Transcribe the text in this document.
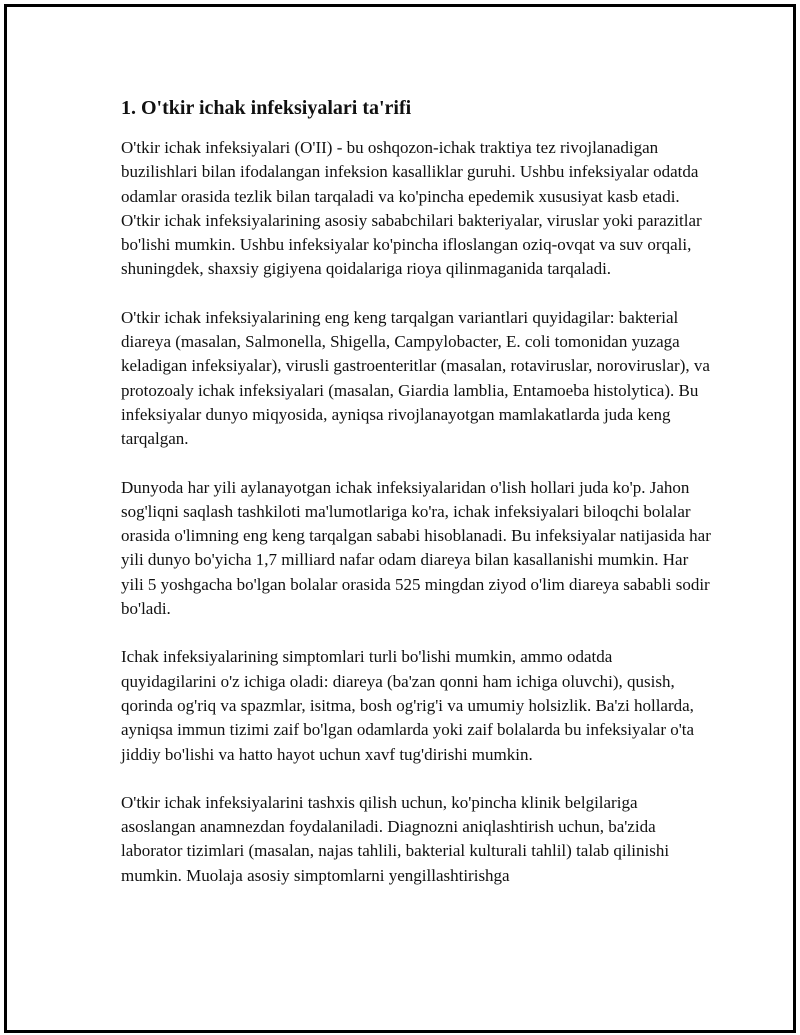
1. O'tkir ichak infeksiyalari ta'rifi

O'tkir ichak infeksiyalari (O'II) - bu oshqozon-ichak traktiya tez rivojlanadigan buzilishlari bilan ifodalangan infeksion kasalliklar guruhi. Ushbu infeksiyalar odatda odamlar orasida tezlik bilan tarqaladi va ko'pincha epedemik xususiyat kasb etadi. O'tkir ichak infeksiyalarining asosiy sababchilari bakteriyalar, viruslar yoki parazitlar bo'lishi mumkin. Ushbu infeksiyalar ko'pincha ifloslangan oziq-ovqat va suv orqali, shuningdek, shaxsiy gigiyena qoidalariga rioya qilinmaganida tarqaladi.

O'tkir ichak infeksiyalarining eng keng tarqalgan variantlari quyidagilar: bakterial diareya (masalan, Salmonella, Shigella, Campylobacter, E. coli tomonidan yuzaga keladigan infeksiyalar), virusli gastroenteritlar (masalan, rotaviruslar, noroviruslar), va protozoaly ichak infeksiyalari (masalan, Giardia lamblia, Entamoeba histolytica). Bu infeksiyalar dunyo miqyosida, ayniqsa rivojlanayotgan mamlakatlarda juda keng tarqalgan.

Dunyoda har yili aylanayotgan ichak infeksiyalaridan o'lish hollari juda ko'p. Jahon sog'liqni saqlash tashkiloti ma'lumotlariga ko'ra, ichak infeksiyalari biloqchi bolalar orasida o'limning eng keng tarqalgan sababi hisoblanadi. Bu infeksiyalar natijasida har yili dunyo bo'yicha 1,7 milliard nafar odam diareya bilan kasallanishi mumkin. Har yili 5 yoshgacha bo'lgan bolalar orasida 525 mingdan ziyod o'lim diareya sababli sodir bo'ladi.

Ichak infeksiyalarining simptomlari turli bo'lishi mumkin, ammo odatda quyidagilarini o'z ichiga oladi: diareya (ba'zan qonni ham ichiga oluvchi), qusish, qorinda og'riq va spazmlar, isitma, bosh og'rig'i va umumiy holsizlik. Ba'zi hollarda, ayniqsa immun tizimi zaif bo'lgan odamlarda yoki zaif bolalarda bu infeksiyalar o'ta jiddiy bo'lishi va hatto hayot uchun xavf tug'dirishi mumkin.

O'tkir ichak infeksiyalarini tashxis qilish uchun, ko'pincha klinik belgilariga asoslangan anamnezdan foydalaniladi. Diagnozni aniqlashtirish uchun, ba'zida laborator tizimlari (masalan, najas tahlili, bakterial kulturali tahlil) talab qilinishi mumkin. Muolaja asosiy simptomlarni yengillashtirishga
